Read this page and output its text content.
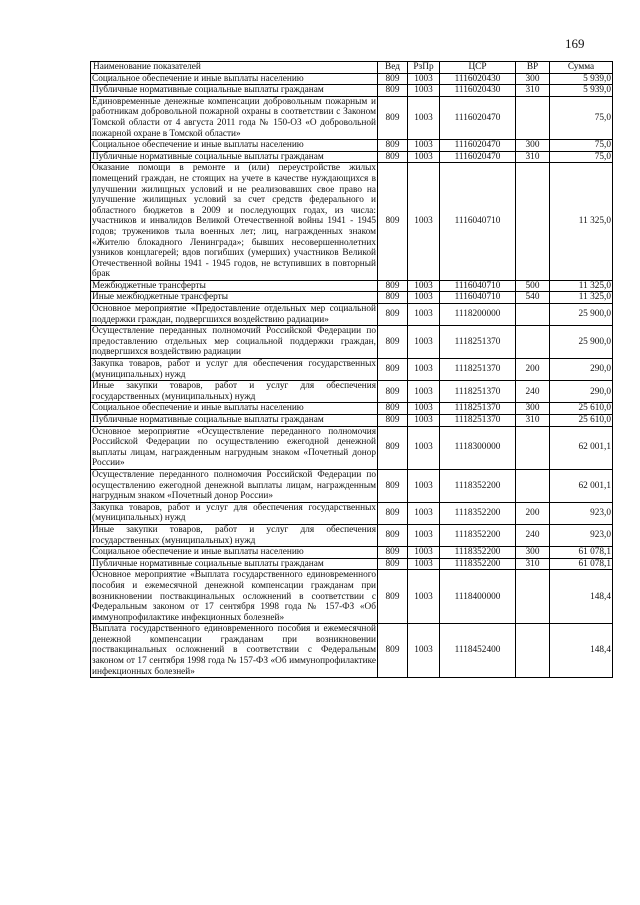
169
Наименование показателей	Вед	РзПр	ЦСР	ВР	Сумма
Социальное обеспечение и иные выплаты населению	809	1003	1116020430	300	5 939,0
Публичные нормативные социальные выплаты гражданам	809	1003	1116020430	310	5 939,0
Единовременные денежные компенсации добровольным пожарным и работникам добровольной пожарной охраны в соответствии с Законом Томской области от 4 августа 2011 года № 150-ОЗ «О добровольной пожарной охране в Томской области»	809	1003	1116020470		75,0
Социальное обеспечение и иные выплаты населению	809	1003	1116020470	300	75,0
Публичные нормативные социальные выплаты гражданам	809	1003	1116020470	310	75,0
Оказание помощи в ремонте и (или) переустройстве жилых помещений граждан, не стоящих на учете в качестве нуждающихся в улучшении жилищных условий и не реализовавших свое право на улучшение жилищных условий за счет средств федерального и областного бюджетов в 2009 и последующих годах, из числа: участников и инвалидов Великой Отечественной войны 1941 - 1945 годов; тружеников тыла военных лет; лиц, награжденных знаком «Жителю блокадного Ленинграда»; бывших несовершеннолетних узников концлагерей; вдов погибших (умерших) участников Великой Отечественной войны 1941 - 1945 годов, не вступивших в повторный брак	809	1003	1116040710		11 325,0
Межбюджетные трансферты	809	1003	1116040710	500	11 325,0
Иные межбюджетные трансферты	809	1003	1116040710	540	11 325,0
Основное мероприятие «Предоставление отдельных мер социальной поддержки граждан, подвергшихся воздействию радиации»	809	1003	1118200000		25 900,0
Осуществление переданных полномочий Российской Федерации по предоставлению отдельных мер социальной поддержки граждан, подвергшихся воздействию радиации	809	1003	1118251370		25 900,0
Закупка товаров, работ и услуг для обеспечения государственных (муниципальных) нужд	809	1003	1118251370	200	290,0
Иные закупки товаров, работ и услуг для обеспечения государственных (муниципальных) нужд	809	1003	1118251370	240	290,0
Социальное обеспечение и иные выплаты населению	809	1003	1118251370	300	25 610,0
Публичные нормативные социальные выплаты гражданам	809	1003	1118251370	310	25 610,0
Основное мероприятие «Осуществление переданного полномочия Российской Федерации по осуществлению ежегодной денежной выплаты лицам, награжденным нагрудным знаком «Почетный донор России»	809	1003	1118300000		62 001,1
Осуществление переданного полномочия Российской Федерации по осуществлению ежегодной денежной выплаты лицам, награжденным нагрудным знаком «Почетный донор России»	809	1003	1118352200		62 001,1
Закупка товаров, работ и услуг для обеспечения государственных (муниципальных) нужд	809	1003	1118352200	200	923,0
Иные закупки товаров, работ и услуг для обеспечения государственных (муниципальных) нужд	809	1003	1118352200	240	923,0
Социальное обеспечение и иные выплаты населению	809	1003	1118352200	300	61 078,1
Публичные нормативные социальные выплаты гражданам	809	1003	1118352200	310	61 078,1
Основное мероприятие «Выплата государственного единовременного пособия и ежемесячной денежной компенсации гражданам при возникновении поствакцинальных осложнений в соответствии с Федеральным законом от 17 сентября 1998 года № 157-ФЗ «Об иммунопрофилактике инфекционных болезней»	809	1003	1118400000		148,4
Выплата государственного единовременного пособия и ежемесячной денежной компенсации гражданам при возникновении поствакцинальных осложнений в соответствии с Федеральным законом от 17 сентября 1998 года № 157-ФЗ «Об иммунопрофилактике инфекционных болезней»	809	1003	1118452400		148,4
